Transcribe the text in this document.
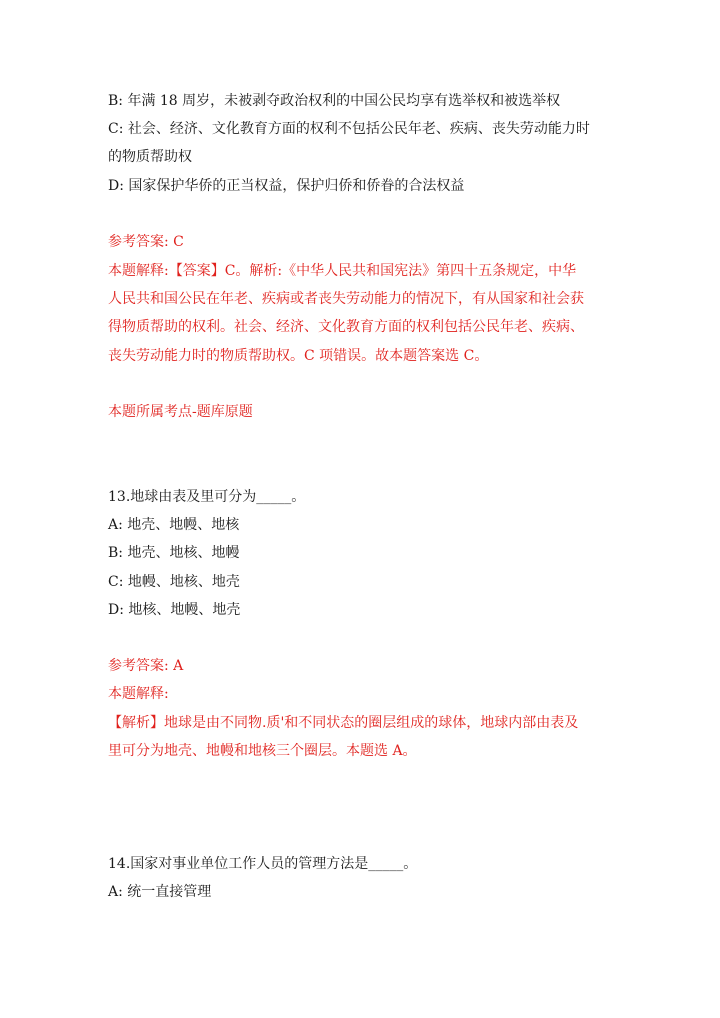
B: 年满 18 周岁，未被剥夺政治权利的中国公民均享有选举权和被选举权
C: 社会、经济、文化教育方面的权利不包括公民年老、疾病、丧失劳动能力时
的物质帮助权
D: 国家保护华侨的正当权益，保护归侨和侨眷的合法权益
参考答案: C
本题解释:【答案】C。解析:《中华人民共和国宪法》第四十五条规定，中华
人民共和国公民在年老、疾病或者丧失劳动能力的情况下，有从国家和社会获
得物质帮助的权利。社会、经济、文化教育方面的权利包括公民年老、疾病、
丧失劳动能力时的物质帮助权。C 项错误。故本题答案选 C。
本题所属考点-题库原题
13.地球由表及里可分为_____。
A: 地壳、地幔、地核
B: 地壳、地核、地幔
C: 地幔、地核、地壳
D: 地核、地幔、地壳
参考答案: A
本题解释:
【解析】地球是由不同物.质'和不同状态的圈层组成的球体，地球内部由表及
里可分为地壳、地幔和地核三个圈层。本题选 A。
14.国家对事业单位工作人员的管理方法是_____。
A: 统一直接管理
